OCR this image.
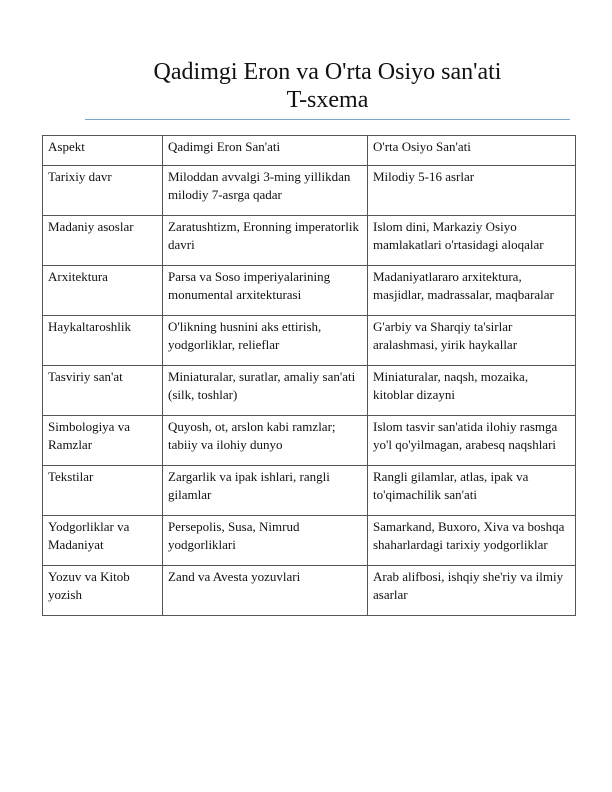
Qadimgi Eron va O'rta Osiyo san'ati
T-sxema
Aspekt	Qadimgi Eron San'ati	O'rta Osiyo San'ati
Tarixiy davr	Miloddan avvalgi 3-ming yillikdan milodiy 7-asrga qadar	Milodiy 5-16 asrlar
Madaniy asoslar	Zaratushtizm, Eronning imperatorlik davri	Islom dini, Markaziy Osiyo mamlakatlari o'rtasidagi aloqalar
Arxitektura	Parsa va Soso imperiyalarining monumental arxitekturasi	Madaniyatlararo arxitektura, masjidlar, madrassalar, maqbaralar
Haykaltaroshlik	O'likning husnini aks ettirish, yodgorliklar, relieflar	G'arbiy va Sharqiy ta'sirlar aralashmasi, yirik haykallar
Tasviriy san'at	Miniaturalar, suratlar, amaliy san'ati (silk, toshlar)	Miniaturalar, naqsh, mozaika, kitoblar dizayni
Simbologiya va Ramzlar	Quyosh, ot, arslon kabi ramzlar; tabiiy va ilohiy dunyo	Islom tasvir san'atida ilohiy rasmga yo'l qo'yilmagan, arabesq naqshlari
Tekstilar	Zargarlik va ipak ishlari, rangli gilamlar	Rangli gilamlar, atlas, ipak va to'qimachilik san'ati
Yodgorliklar va Madaniyat	Persepolis, Susa, Nimrud yodgorliklari	Samarkand, Buxoro, Xiva va boshqa shaharlardagi tarixiy yodgorliklar
Yozuv va Kitob yozish	Zand va Avesta yozuvlari	Arab alifbosi, ishqiy she'riy va ilmiy asarlar
